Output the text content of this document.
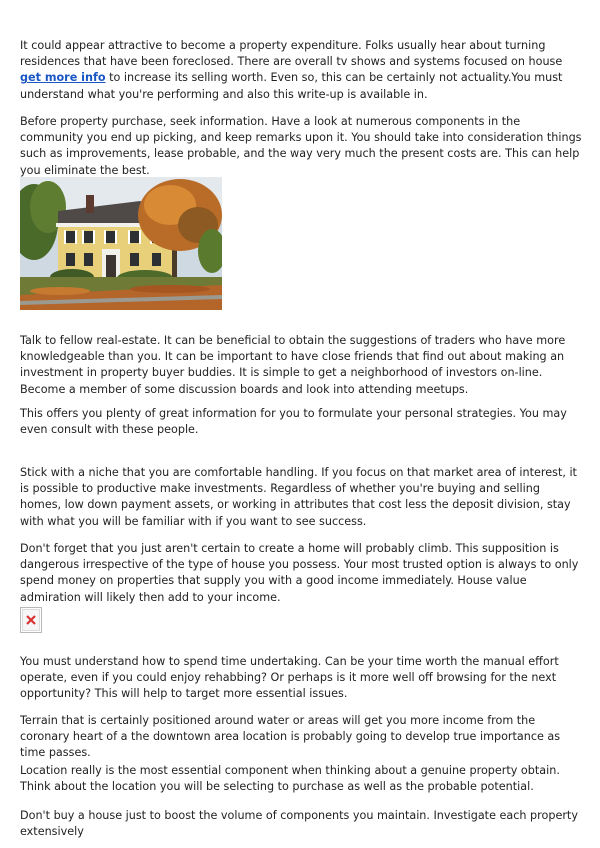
It could appear attractive to become a property expenditure. Folks usually hear about turning residences that have been foreclosed. There are overall tv shows and systems focused on house get more info to increase its selling worth. Even so, this can be certainly not actuality.You must understand what you're performing and also this write-up is available in.

Before property purchase, seek information. Have a look at numerous components in the community you end up picking, and keep remarks upon it. You should take into consideration things such as improvements, lease probable, and the way very much the present costs are. This can help you eliminate the best.

Talk to fellow real-estate. It can be beneficial to obtain the suggestions of traders who have more knowledgeable than you. It can be important to have close friends that find out about making an investment in property buyer buddies. It is simple to get a neighborhood of investors on-line. Become a member of some discussion boards and look into attending meetups.

This offers you plenty of great information for you to formulate your personal strategies. You may even consult with these people.

Stick with a niche that you are comfortable handling. If you focus on that market area of interest, it is possible to productive make investments. Regardless of whether you're buying and selling homes, low down payment assets, or working in attributes that cost less the deposit division, stay with what you will be familiar with if you want to see success.

Don't forget that you just aren't certain to create a home will probably climb. This supposition is dangerous irrespective of the type of house you possess. Your most trusted option is always to only spend money on properties that supply you with a good income immediately. House value admiration will likely then add to your income.

You must understand how to spend time undertaking. Can be your time worth the manual effort operate, even if you could enjoy rehabbing? Or perhaps is it more well off browsing for the next opportunity? This will help to target more essential issues.

Terrain that is certainly positioned around water or areas will get you more income from the coronary heart of a the downtown area location is probably going to develop true importance as time passes.

Location really is the most essential component when thinking about a genuine property obtain. Think about the location you will be selecting to purchase as well as the probable potential.

Don't buy a house just to boost the volume of components you maintain. Investigate each property extensively
